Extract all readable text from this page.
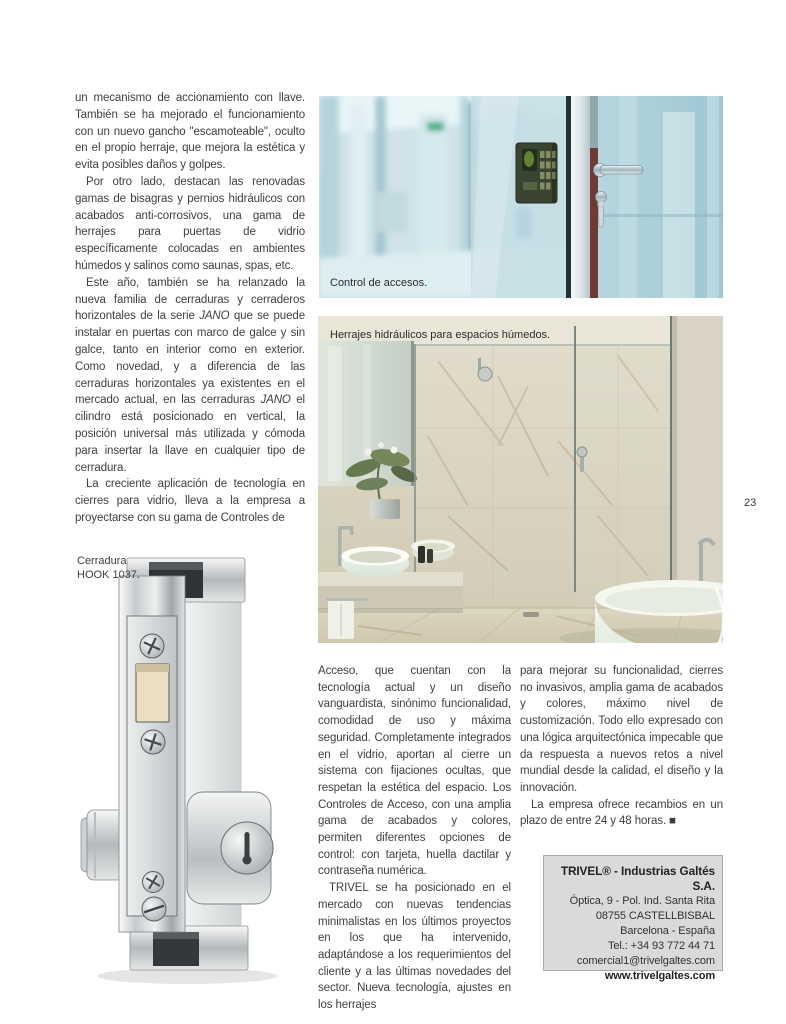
un mecanismo de accionamiento con llave. También se ha mejorado el funcionamiento con un nuevo gancho "escamoteable", oculto en el propio herraje, que mejora la estética y evita posibles daños y golpes.

Por otro lado, destacan las renovadas gamas de bisagras y pernios hidráulicos con acabados anti-corrosivos, una gama de herrajes para puertas de vidrio específicamente colocadas en ambientes húmedos y salinos como saunas, spas, etc.

Este año, también se ha relanzado la nueva familia de cerraduras y cerraderos horizontales de la serie JANO que se puede instalar en puertas con marco de galce y sin galce, tanto en interior como en exterior. Como novedad, y a diferencia de las cerraduras horizontales ya existentes en el mercado actual, en las cerraduras JANO el cilindro está posicionado en vertical, la posición universal más utilizada y cómoda para insertar la llave en cualquier tipo de cerradura.

La creciente aplicación de tecnología en cierres para vidrio, lleva a la empresa a proyectarse con su gama de Controles de

Control de accesos.
Herrajes hidráulicos para espacios húmedos.
Cerradura
HOOK 1037.
23

Acceso, que cuentan con la tecnología actual y un diseño vanguardista, sinónimo funcionalidad, comodidad de uso y máxima seguridad. Completamente integrados en el vidrio, aportan al cierre un sistema con fijaciones ocultas, que respetan la estética del espacio. Los Controles de Acceso, con una amplia gama de acabados y colores, permiten diferentes opciones de control: con tarjeta, huella dactilar y contraseña numérica.

TRIVEL se ha posicionado en el mercado con nuevas tendencias minimalistas en los últimos proyectos en los que ha intervenido, adaptándose a los requerimientos del cliente y a las últimas novedades del sector. Nueva tecnología, ajustes en los herrajes

para mejorar su funcionalidad, cierres no invasivos, amplia gama de acabados y colores, máximo nivel de customización. Todo ello expresado con una lógica arquitectónica impecable que da respuesta a nuevos retos a nivel mundial desde la calidad, el diseño y la innovación.

La empresa ofrece recambios en un plazo de entre 24 y 48 horas. ■

TRIVEL® - Industrias Galtés S.A.
Óptica, 9 - Pol. Ind. Santa Rita
08755 CASTELLBISBAL
Barcelona - España
Tel.: +34 93 772 44 71
comercial1@trivelgaltes.com
www.trivelgaltes.com
